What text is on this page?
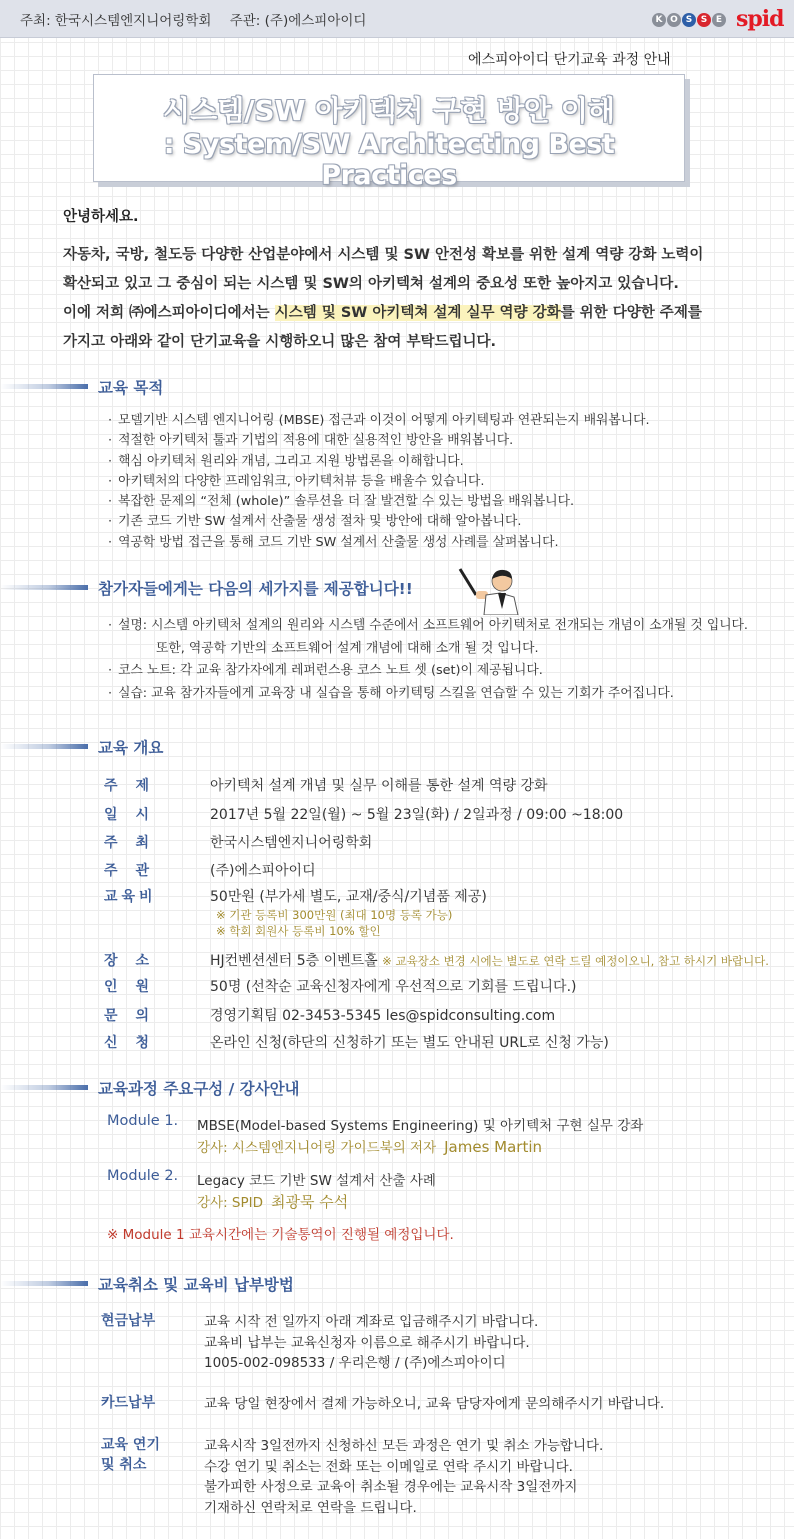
주최: 한국시스템엔지니어링학회 주관: (주)에스피아이디	K O S S E spid
에스피아이디 단기교육 과정 안내
시스템/SW 아키텍처 구현 방안 이해
: System/SW Architecting Best Practices
안녕하세요.
자동차, 국방, 철도등 다양한 산업분야에서 시스템 및 SW 안전성 확보를 위한 설계 역량 강화 노력이
확산되고 있고 그 중심이 되는 시스템 및 SW의 아키텍쳐 설계의 중요성 또한 높아지고 있습니다.
이에 저희 ㈜에스피아이디에서는 시스템 및 SW 아키텍쳐 설계 실무 역량 강화를 위한 다양한 주제를
가지고 아래와 같이 단기교육을 시행하오니 많은 참여 부탁드립니다.
교육 목적
· 모델기반 시스템 엔지니어링 (MBSE) 접근과 이것이 어떻게 아키텍팅과 연관되는지 배워봅니다.
· 적절한 아키텍처 툴과 기법의 적용에 대한 실용적인 방안을 배워봅니다.
· 핵심 아키텍처 원리와 개념, 그리고 지원 방법론을 이해합니다.
· 아키텍처의 다양한 프레임워크, 아키텍처뷰 등을 배울수 있습니다.
· 복잡한 문제의 “전체 (whole)” 솔루션을 더 잘 발견할 수 있는 방법을 배워봅니다.
· 기존 코드 기반 SW 설계서 산출물 생성 절차 및 방안에 대해 알아봅니다.
· 역공학 방법 접근을 통해 코드 기반 SW 설계서 산출물 생성 사례를 살펴봅니다.
참가자들에게는 다음의 세가지를 제공합니다!!
· 설명: 시스템 아키텍처 설계의 원리와 시스템 수준에서 소프트웨어 아키텍처로 전개되는 개념이 소개될 것 입니다.
또한, 역공학 기반의 소프트웨어 설계 개념에 대해 소개 될 것 입니다.
· 코스 노트: 각 교육 참가자에게 레퍼런스용 코스 노트 셋 (set)이 제공됩니다.
· 실습: 교육 참가자들에게 교육장 내 실습을 통해 아키텍팅 스킬을 연습할 수 있는 기회가 주어집니다.
교육 개요
주제	아키텍처 설계 개념 및 실무 이해를 통한 설계 역량 강화
일시	2017년 5월 22일(월) ~ 5월 23일(화) / 2일과정 / 09:00 ~18:00
주최	한국시스템엔지니어링학회
주관	(주)에스피아이디
교육비	50만원 (부가세 별도, 교재/중식/기념품 제공)
※ 기관 등록비 300만원 (최대 10명 등록 가능)
※ 학회 회원사 등록비 10% 할인
장소	HJ컨벤션센터 5층 이벤트홀 ※ 교육장소 변경 시에는 별도로 연락 드릴 예정이오니, 참고 하시기 바랍니다.
인원	50명 (선착순 교육신청자에게 우선적으로 기회를 드립니다.)
문의	경영기획팀 02-3453-5345 les@spidconsulting.com
신청	온라인 신청(하단의 신청하기 또는 별도 안내된 URL로 신청 가능)
교육과정 주요구성 / 강사안내
Module 1. MBSE(Model-based Systems Engineering) 및 아키텍처 구현 실무 강좌
강사: 시스템엔지니어링 가이드북의 저자 James Martin
Module 2. Legacy 코드 기반 SW 설계서 산출 사례
강사: SPID 최광묵 수석
※ Module 1 교육시간에는 기술통역이 진행될 예정입니다.
교육취소 및 교육비 납부방법
현금납부	교육 시작 전 일까지 아래 계좌로 입금해주시기 바랍니다.
교육비 납부는 교육신청자 이름으로 해주시기 바랍니다.
1005-002-098533 / 우리은행 / (주)에스피아이디
카드납부	교육 당일 현장에서 결제 가능하오니, 교육 담당자에게 문의해주시기 바랍니다.
교육 연기
및 취소
교육시작 3일전까지 신청하신 모든 과정은 연기 및 취소 가능합니다.
수강 연기 및 취소는 전화 또는 이메일로 연락 주시기 바랍니다.
불가피한 사정으로 교육이 취소될 경우에는 교육시작 3일전까지
기재하신 연락처로 연락을 드립니다.
